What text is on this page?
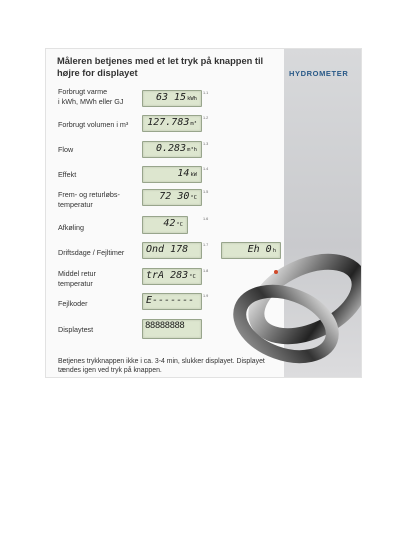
HYDROMETER
Måleren betjenes med et let tryk på knappen til højre for displayet
Forbrugt varme
i kWh, MWh eller GJ	63 15kWh
1.1
Forbrugt volumen i m³ 127.783m³
1.2
Flow	0.283m³h
1.3
Effekt	14kW
1.4
Frem- og returløbs-
temperatur
72 30°C
1.5
Afkøling	42°C
1.6
Driftsdage / Fejltimer Ond 178	1.7	Eh 0h
Middel retur
temperatur
trA 283°C
1.8
Fejlkoder	E------- 1.9
Displaytest	88888888
Betjenes trykknappen ikke i ca. 3-4 min, slukker displayet. Displayet tændes igen ved tryk på knappen.
